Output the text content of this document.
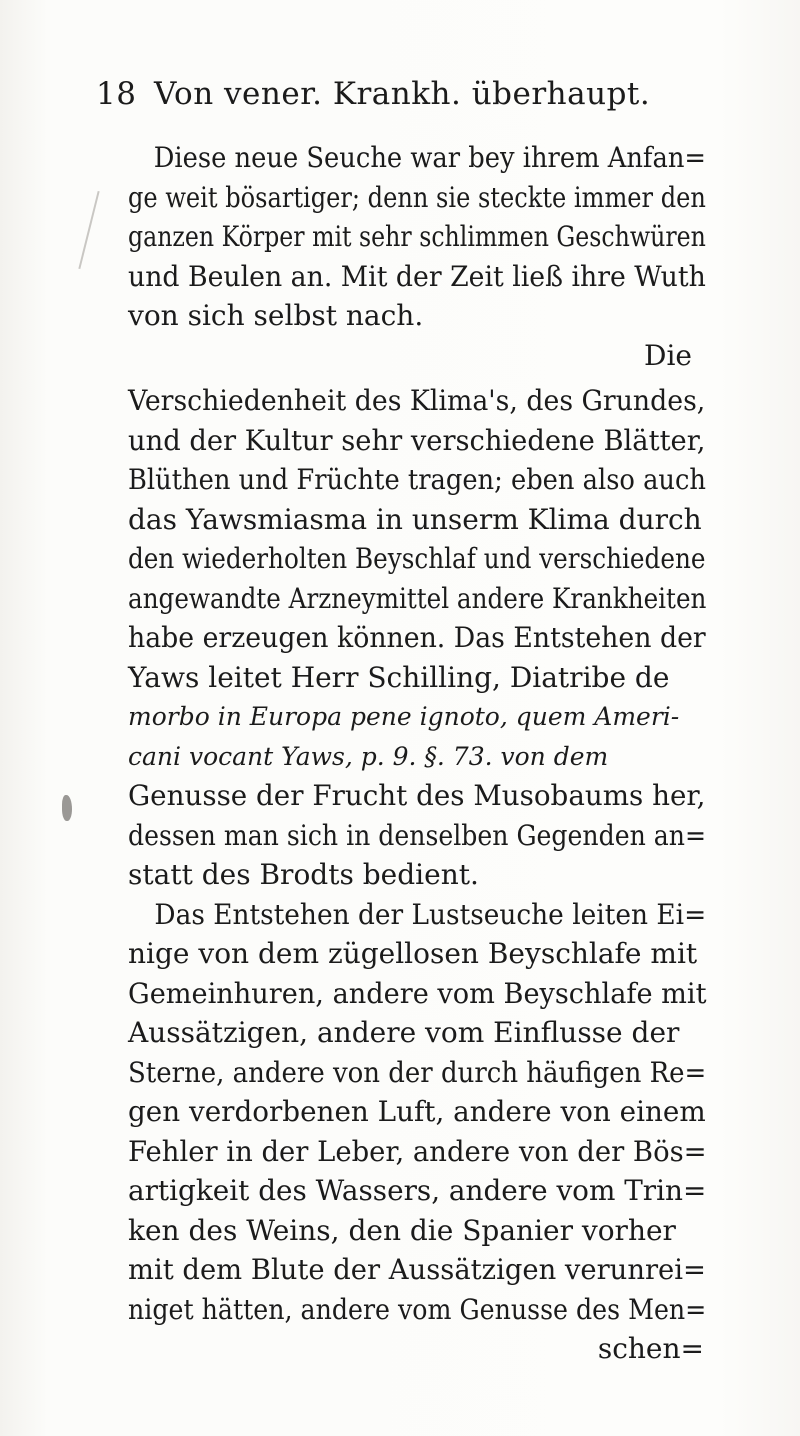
18 Von vener. Krankh. überhaupt.
Diese neue Seuche war bey ihrem Anfan=
ge weit bösartiger; denn sie steckte immer den
ganzen Körper mit sehr schlimmen Geschwüren
und Beulen an. Mit der Zeit ließ ihre Wuth
von sich selbst nach.
Die
Verschiedenheit des Klima's, des Grundes,
und der Kultur sehr verschiedene Blätter,
Blüthen und Früchte tragen; eben also auch
das Yawsmiasma in unserm Klima durch
den wiederholten Beyschlaf und verschiedene
angewandte Arzneymittel andere Krankheiten
habe erzeugen können. Das Entstehen der
Yaws leitet Herr Schilling, Diatribe de
morbo in Europa pene ignoto, quem Ameri-
cani vocant Yaws, p. 9. §. 73. von dem
Genusse der Frucht des Musobaums her,
dessen man sich in denselben Gegenden an=
statt des Brodts bedient.
Das Entstehen der Lustseuche leiten Ei=
nige von dem zügellosen Beyschlafe mit
Gemeinhuren, andere vom Beyschlafe mit
Aussätzigen, andere vom Einflusse der
Sterne, andere von der durch häufigen Re=
gen verdorbenen Luft, andere von einem
Fehler in der Leber, andere von der Bös=
artigkeit des Wassers, andere vom Trin=
ken des Weins, den die Spanier vorher
mit dem Blute der Aussätzigen verunrei=
niget hätten, andere vom Genusse des Men=
schen=
